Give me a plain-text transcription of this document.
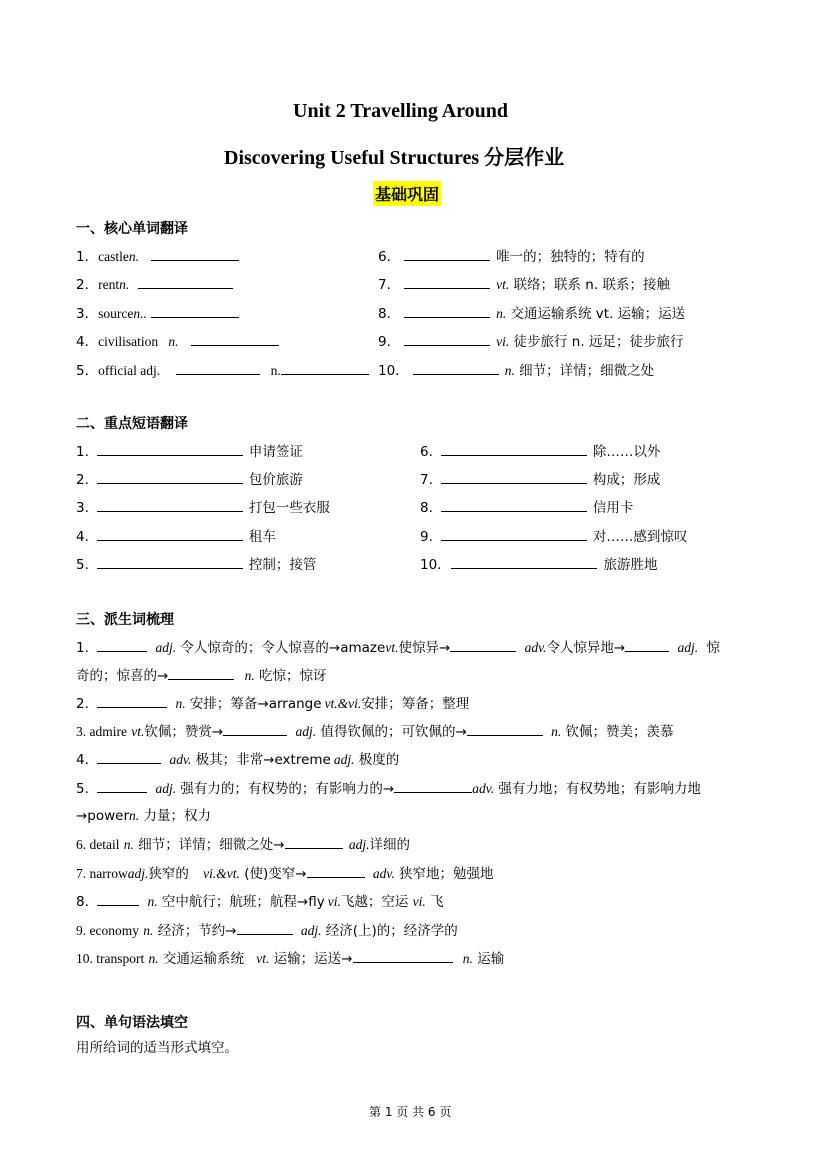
Unit 2 Travelling Around
Discovering Useful Structures 分层作业
基础巩固
一、核心单词翻译
1．castlen.
2．rentn.
3．sourcen..
4．civilisation n.
5．official adj.	n.
6．	唯一的；独特的；特有的
7．	vt. 联络；联系 n. 联系；接触
8．	n. 交通运输系统 vt. 运输；运送
9．	vi. 徒步旅行 n. 远足；徒步旅行
10．	n. 细节；详情；细微之处
二、重点短语翻译
1.	申请签证
2.	包价旅游
3.	打包一些衣服
4.	租车
5.	控制；接管
6.	除……以外
7.	构成；形成
8.	信用卡
9.	对……感到惊叹
10.	旅游胜地
三、派生词梳理
1.	adj. 令人惊奇的；令人惊喜的→amazevt.使惊异→	adv.令人惊异地→	adj. 惊
奇的；惊喜的→	n. 吃惊；惊讶
2.	n. 安排；筹备→arrange vt.&vi.安排；筹备；整理
3. admire vt.钦佩；赞赏→	adj. 值得钦佩的；可钦佩的→	n. 钦佩；赞美；羡慕
4.	adv. 极其；非常→extreme adj. 极度的
5.	adj. 强有力的；有权势的；有影响力的→	adv. 强有力地；有权势地；有影响力地
→powern. 力量；权力
6. detail n. 细节；详情；细微之处→	adj.详细的
7. narrowadj.狭窄的 vi.&vt. (使)变窄→	adv. 狭窄地；勉强地
8.	n. 空中航行；航班；航程→fly vi.飞越；空运 vi. 飞
9. economy n. 经济；节约→	adj. 经济(上)的；经济学的
10. transport n. 交通运输系统 vt. 运输；运送→	n. 运输
四、单句语法填空
用所给词的适当形式填空。
第 1 页 共 6 页
